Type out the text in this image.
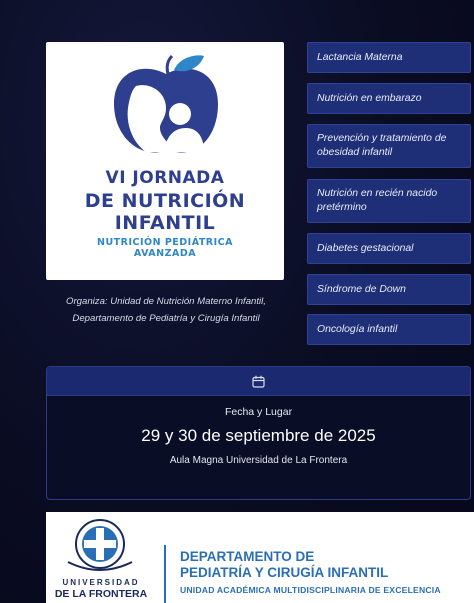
VI JORNADA
DE NUTRICIÓN
INFANTIL
NUTRICIÓN PEDIÁTRICA
AVANZADA
Organiza: Unidad de Nutrición Materno Infantil,
Departamento de Pediatría y Cirugía Infantil
Lactancia Materna
Nutrición en embarazo
Prevención y tratamiento de obesidad infantil
Nutrición en recién nacido pretérmino
Diabetes gestacional
Síndrome de Down
Oncología infantil
Fecha y Lugar
29 y 30 de septiembre de 2025
Aula Magna Universidad de La Frontera
UNIVERSIDAD
DE LA FRONTERA
DEPARTAMENTO DE
PEDIATRÍA Y CIRUGÍA INFANTIL
UNIDAD ACADÉMICA MULTIDISCIPLINARIA DE EXCELENCIA
